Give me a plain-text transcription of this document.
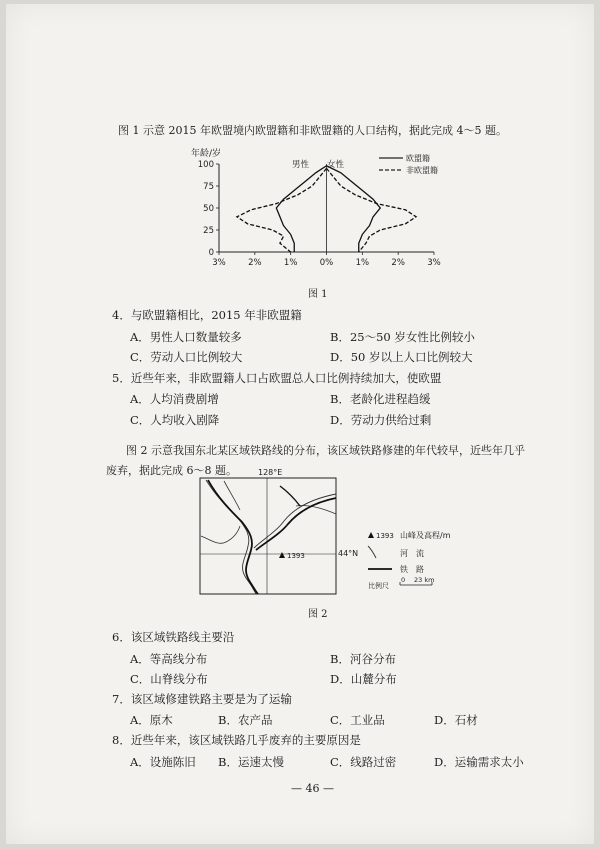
图 1 示意 2015 年欧盟境内欧盟籍和非欧盟籍的人口结构，据此完成 4～5 题。
年龄/岁
100
75
50
25
0
3%	2%	1%	0%	1%	2%	3%
男性 女性
欧盟籍
非欧盟籍
图 1
4．与欧盟籍相比，2015 年非欧盟籍
A．男性人口数量较多	B．25～50 岁女性比例较小
C．劳动人口比例较大	D．50 岁以上人口比例较大
5．近些年来，非欧盟籍人口占欧盟总人口比例持续加大，使欧盟
A．人均消费剧增	B．老龄化进程趋缓
C．人均收入剧降	D．劳动力供给过剩
图 2 示意我国东北某区域铁路线的分布，该区域铁路修建的年代较早，近些年几乎
废弃，据此完成 6～8 题。	128°E
44°N
1393
1393 山峰及高程/m
河　流
铁　路
比例尺
0 23 km
图 2
6．该区域铁路线主要沿
A．等高线分布	B．河谷分布
C．山脊线分布	D．山麓分布
7．该区域修建铁路主要是为了运输
A．原木	B．农产品	C．工业品	D．石材
8．近些年来，该区域铁路几乎废弃的主要原因是
A．设施陈旧 B．运速太慢	C．线路过密	D．运输需求太小
— 46 —
